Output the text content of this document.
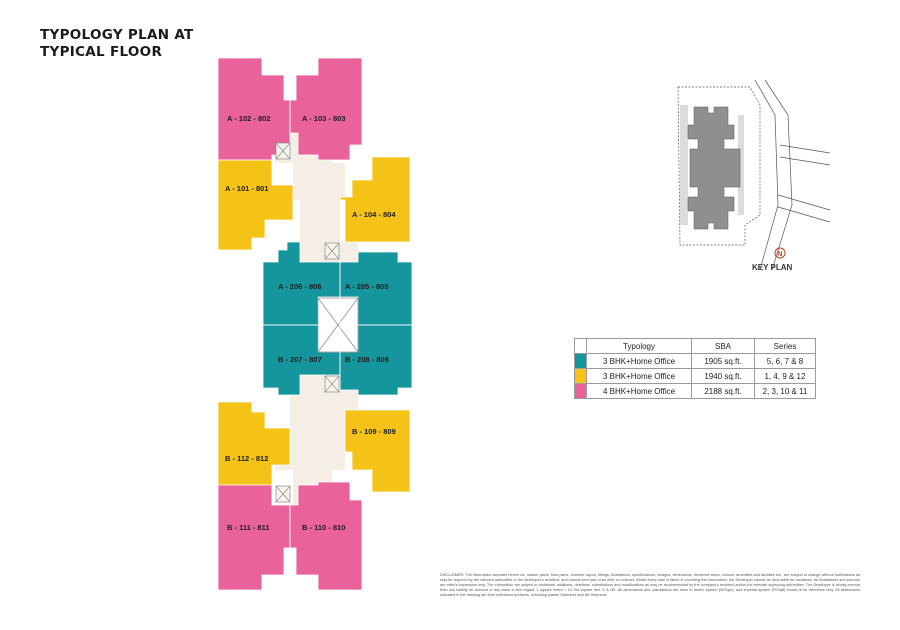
TYPOLOGY PLAN AT
TYPICAL FLOOR
A - 102 - 802	A - 103 - 803
A - 101 - 801
A - 104 - 804
A - 206 - 806	A - 205 - 805
B - 207 - 807	B - 208 - 808
B - 109 - 809
B - 112 - 812
B - 111 - 811	B - 110 - 810
N
KEY PLAN
	Typology	SBA	Series
	3 BHK+Home Office	1905 sq.ft.	5, 6, 7 & 8
	3 BHK+Home Office	1940 sq.ft.	1, 4, 9 & 12
	4 BHK+Home Office	2188 sq.ft.	2, 3, 10 & 11
DISCLAIMER: The information depicted herein viz. master plans, floor plans, furniture layout, fittings, illustrations, specifications, designs, dimensions, rendered views, colours, amenities and facilities etc., are subject to change without notifications as may be required by the relevant authorities or the developer's architect, and cannot form part of an offer or contract. Whilst every care is taken in providing this information, the Developer cannot be held liable for variations. All illustrations and pictures are artist's impression only. The information are subject to variations, additions, deletions, substitutions and modifications as may be recommended by the company's architect and/or the relevant approving authorities. The Developer is wholly exempt from any liability on account of any claim in this regard. 1 square metre = 10.764 square feet. E & OE. All dimensions and calculations are done in metric system (M/Sqm), and imperial system (Ft/Sqft) shown is for reference only. All dimensions indicated in the drawing are from unfinished surfaces, excluding plaster thickness and tile thickness.
